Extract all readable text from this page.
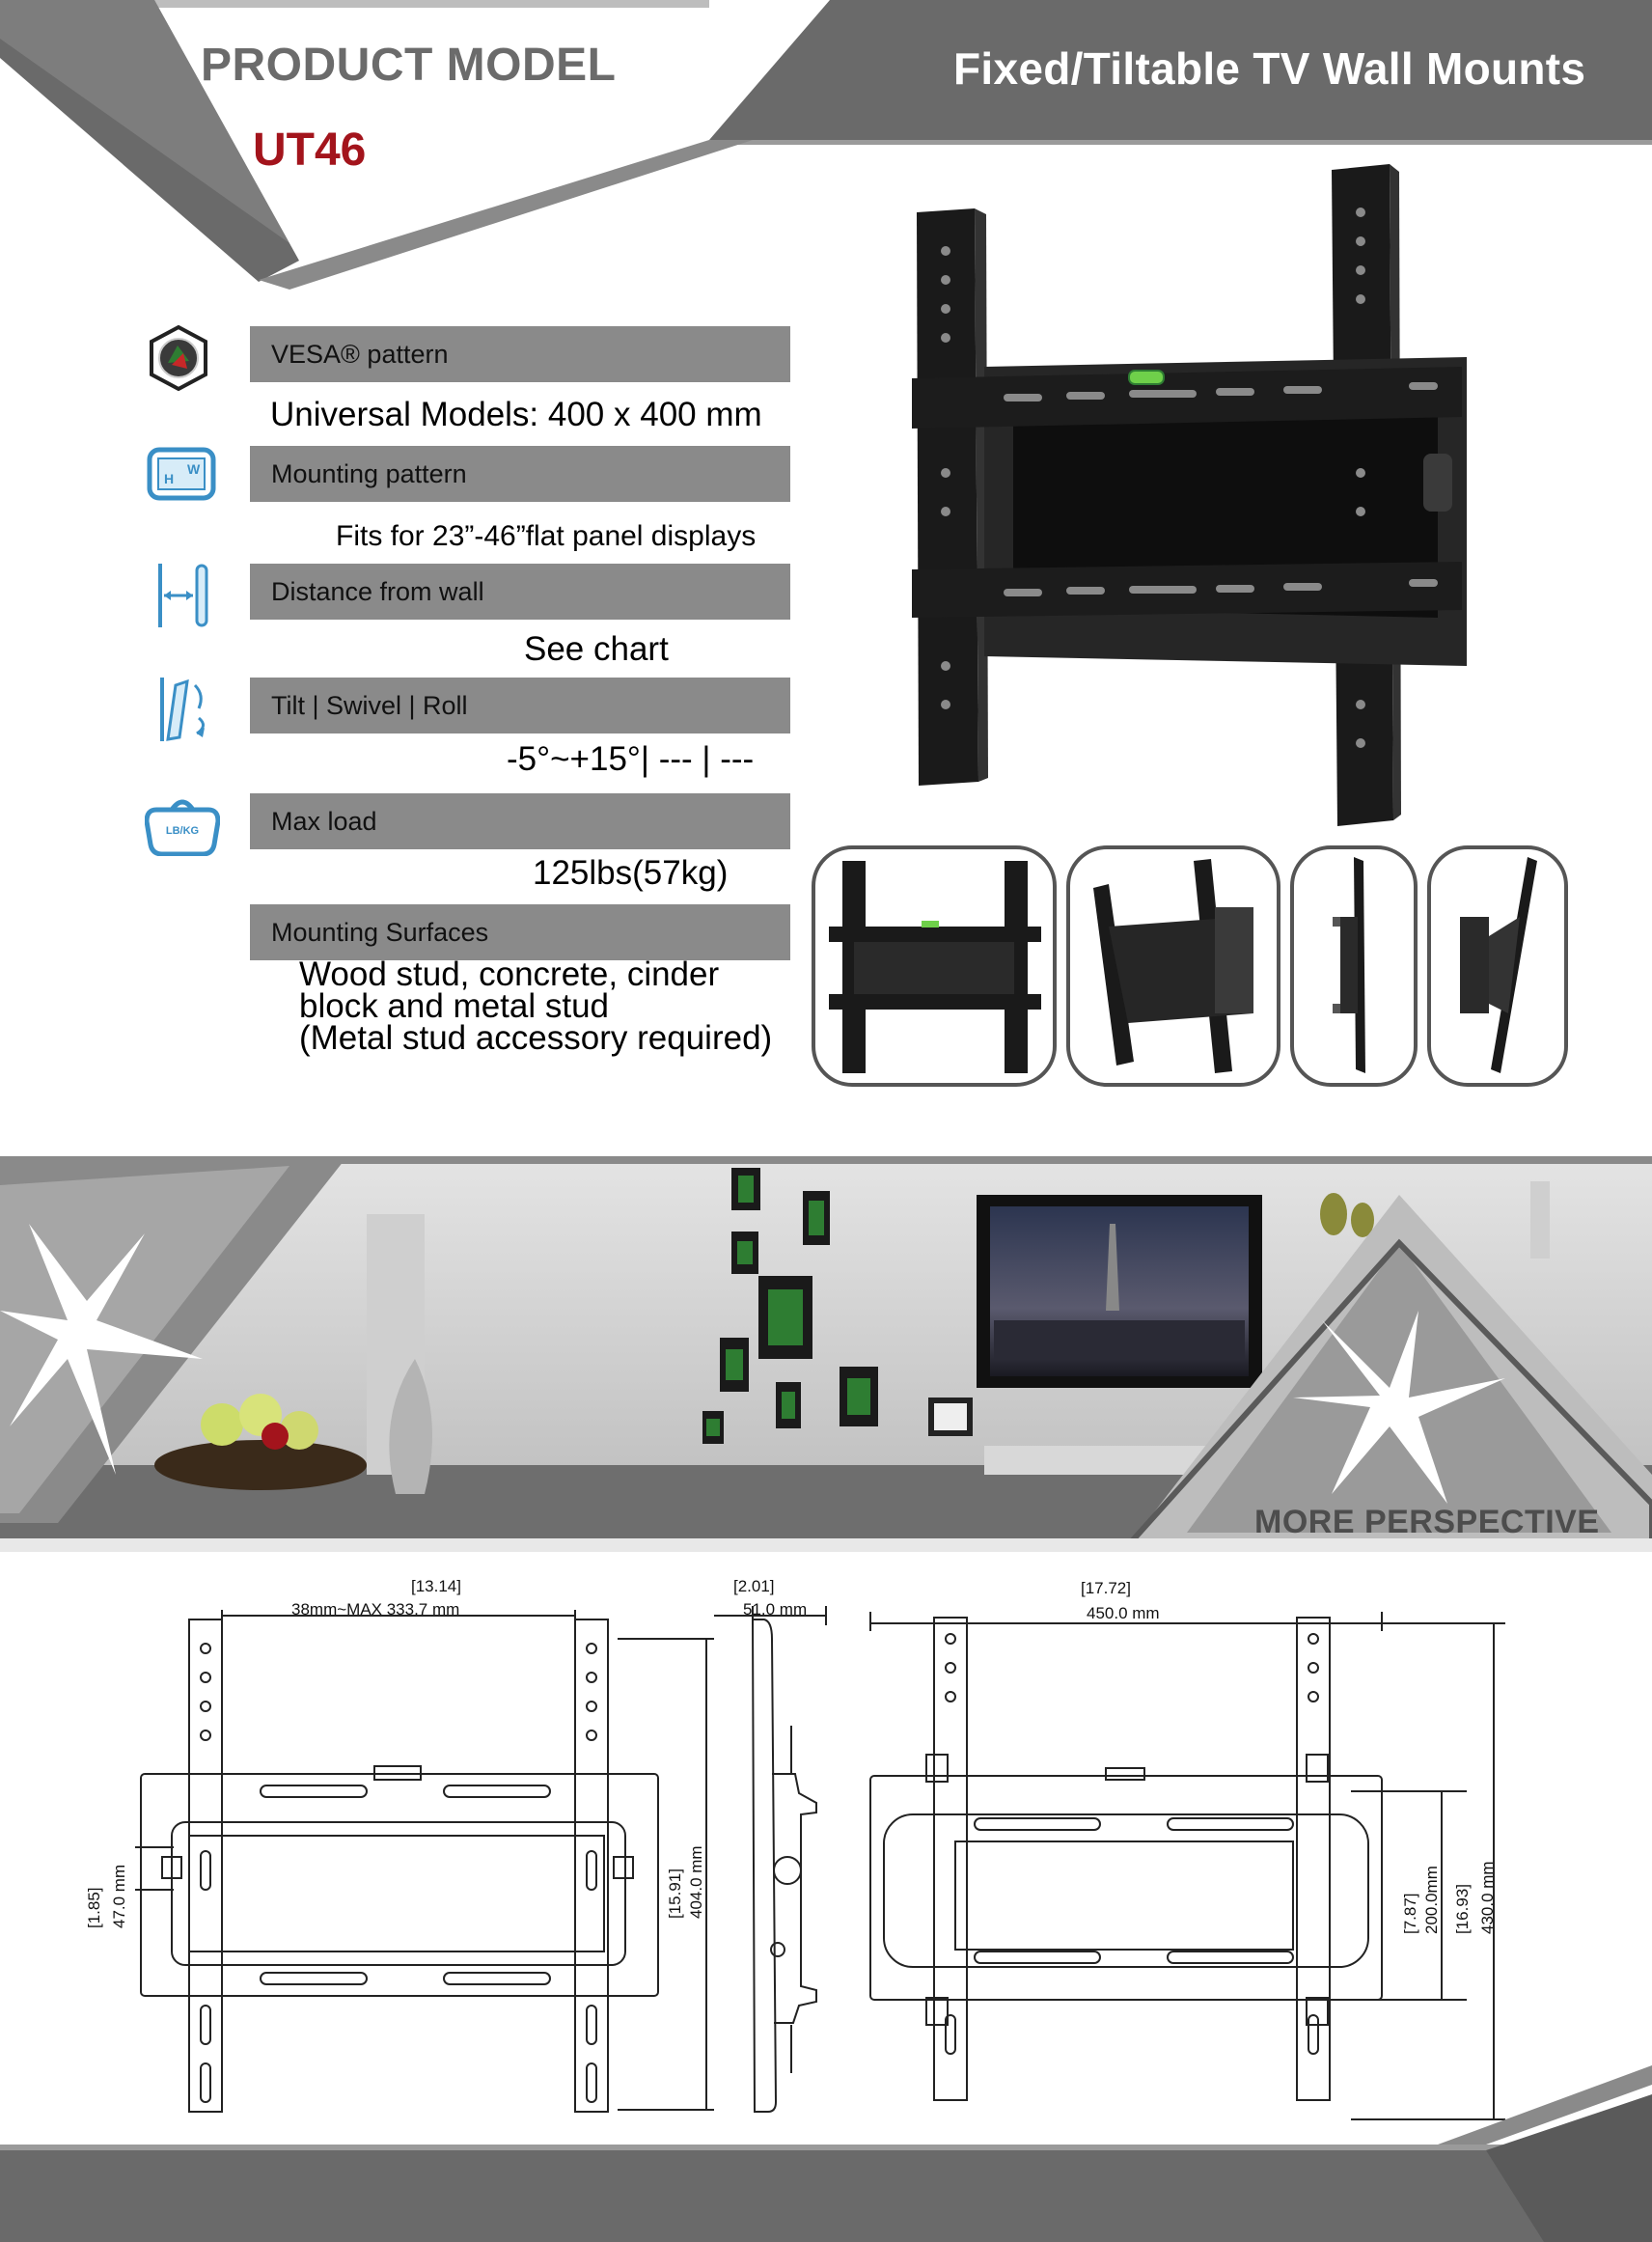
PRODUCT MODEL
UT46
Fixed/Tiltable TV Wall Mounts
H
W
LB/KG
VESA® pattern
Universal Models: 400 x 400 mm
Mounting pattern
Fits for 23”-46”flat panel displays
Distance from wall
See chart
Tilt | Swivel | Roll
-5°~+15°| --- | ---
Max load
125lbs(57kg)
Mounting Surfaces
Wood stud, concrete, cinder
block and metal stud
(Metal stud accessory required)
MORE PERSPECTIVE
[13.14]
38mm~MAX 333.7 mm
[15.91] 404.0 mm
[1.85] 47.0 mm
[2.01]
51.0 mm
[17.72]
450.0 mm
[7.87] 200.0mm [16.93] 430.0 mm
